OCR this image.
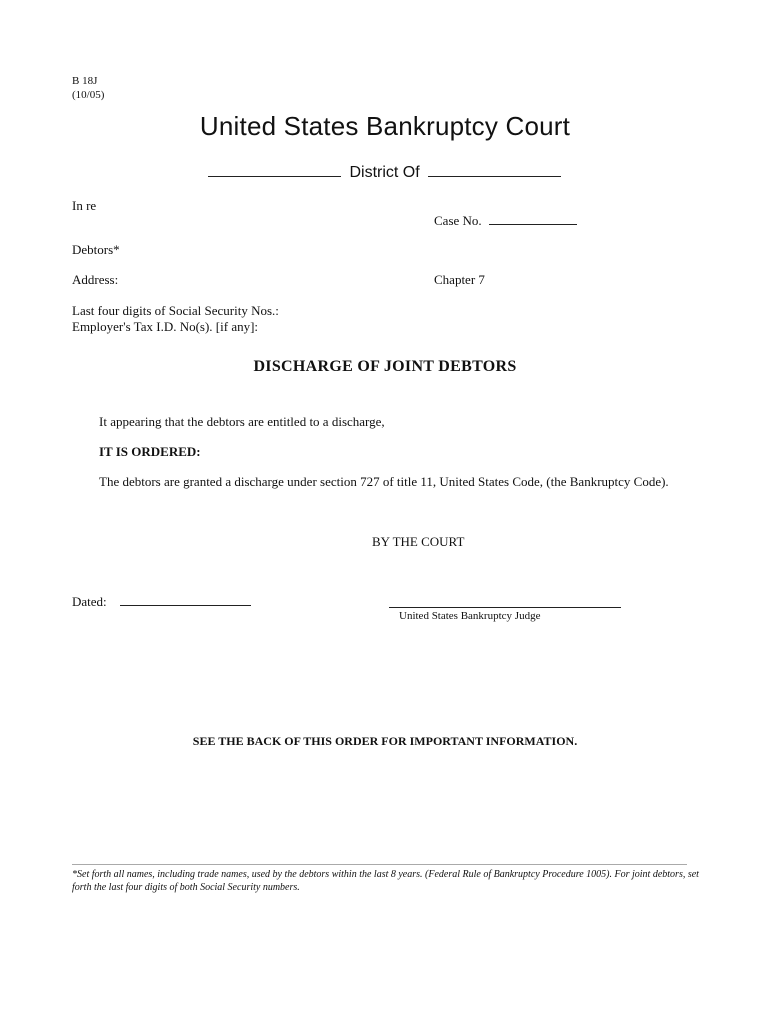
B 18J
(10/05)
United States Bankruptcy Court
District Of
In re
Case No.
Debtors*
Address:	Chapter 7
Last four digits of Social Security Nos.:
Employer's Tax I.D. No(s). [if any]:
DISCHARGE OF JOINT DEBTORS
It appearing that the debtors are entitled to a discharge,
IT IS ORDERED:
The debtors are granted a discharge under section 727 of title 11, United States Code, (the Bankruptcy Code).
BY THE COURT
Dated:
United States Bankruptcy Judge
SEE THE BACK OF THIS ORDER FOR IMPORTANT INFORMATION.
*Set forth all names, including trade names, used by the debtors within the last 8 years. (Federal Rule of Bankruptcy Procedure 1005). For joint debtors, set forth the last four digits of both Social Security numbers.
